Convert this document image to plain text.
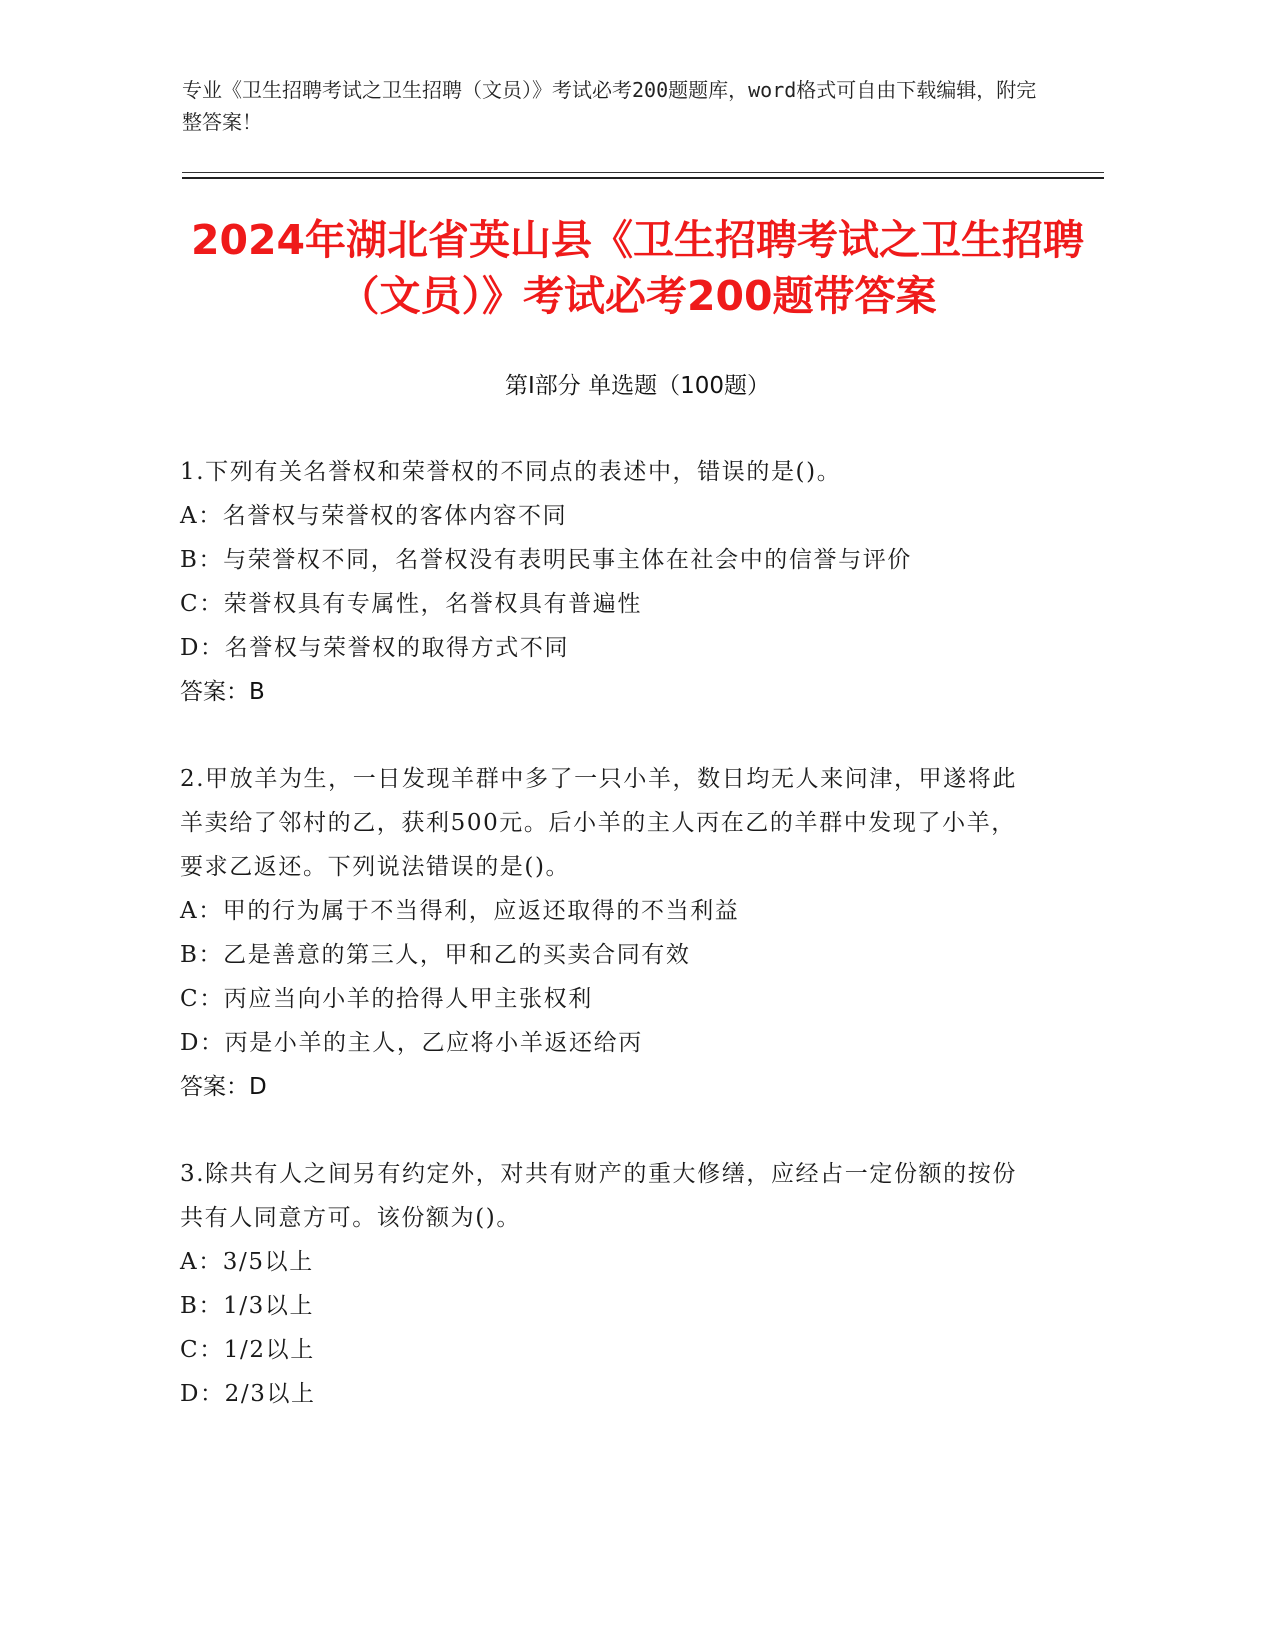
专业《卫生招聘考试之卫生招聘（文员）》考试必考200题题库，word格式可自由下载编辑，附完整答案！
2024年湖北省英山县《卫生招聘考试之卫生招聘（文员）》考试必考200题带答案
第I部分 单选题（100题）
1.下列有关名誉权和荣誉权的不同点的表述中，错误的是()。
A：名誉权与荣誉权的客体内容不同
B：与荣誉权不同，名誉权没有表明民事主体在社会中的信誉与评价
C：荣誉权具有专属性，名誉权具有普遍性
D：名誉权与荣誉权的取得方式不同
答案：B
2.甲放羊为生，一日发现羊群中多了一只小羊，数日均无人来问津，甲遂将此羊卖给了邻村的乙，获利500元。后小羊的主人丙在乙的羊群中发现了小羊，要求乙返还。下列说法错误的是()。
A：甲的行为属于不当得利，应返还取得的不当利益
B：乙是善意的第三人，甲和乙的买卖合同有效
C：丙应当向小羊的拾得人甲主张权利
D：丙是小羊的主人，乙应将小羊返还给丙
答案：D
3.除共有人之间另有约定外，对共有财产的重大修缮，应经占一定份额的按份共有人同意方可。该份额为()。
A：3/5以上
B：1/3以上
C：1/2以上
D：2/3以上
